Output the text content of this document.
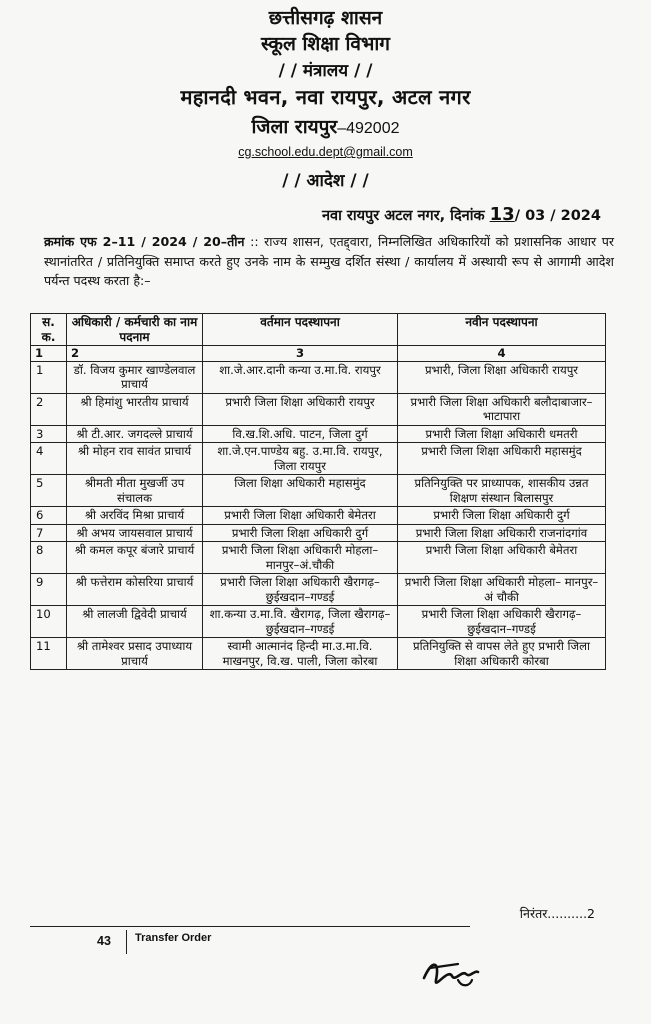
छत्तीसगढ़ शासन
स्कूल शिक्षा विभाग
/ / मंत्रालय / /
महानदी भवन, नवा रायपुर, अटल नगर
जिला रायपुर–492002
cg.school.edu.dept@gmail.com
/ / आदेश / /
नवा रायपुर अटल नगर, दिनांक 13/ 03 / 2024
क्रमांक एफ 2–11 / 2024 / 20–तीन :: राज्य शासन, एतद्द्वारा, निम्नलिखित अधिकारियों को प्रशासनिक आधार पर स्थानांतरित / प्रतिनियुक्ति समाप्त करते हुए उनके नाम के सम्मुख दर्शित संस्था / कार्यालय में अस्थायी रूप से आगामी आदेश पर्यन्त पदस्थ करता है:–
स. क.	अधिकारी / कर्मचारी का नाम पदनाम	वर्तमान पदस्थापना	नवीन पदस्थापना
1	2	3	4
1	डॉ. विजय कुमार खाण्डेलवाल प्राचार्य	शा.जे.आर.दानी कन्या उ.मा.वि. रायपुर	प्रभारी, जिला शिक्षा अधिकारी रायपुर
2	श्री हिमांशु भारतीय प्राचार्य	प्रभारी जिला शिक्षा अधिकारी रायपुर	प्रभारी जिला शिक्षा अधिकारी बलौदाबाजार–भाटापारा
3	श्री टी.आर. जगदल्ले प्राचार्य	वि.ख.शि.अधि. पाटन, जिला दुर्ग	प्रभारी जिला शिक्षा अधिकारी धमतरी
4	श्री मोहन राव सावंत प्राचार्य	शा.जे.एन.पाण्डेय बहु. उ.मा.वि. रायपुर, जिला रायपुर	प्रभारी जिला शिक्षा अधिकारी महासमुंद
5	श्रीमती मीता मुखर्जी उप संचालक	जिला शिक्षा अधिकारी महासमुंद	प्रतिनियुक्ति पर प्राध्यापक, शासकीय उन्नत शिक्षण संस्थान बिलासपुर
6	श्री अरविंद मिश्रा प्राचार्य	प्रभारी जिला शिक्षा अधिकारी बेमेतरा	प्रभारी जिला शिक्षा अधिकारी दुर्ग
7	श्री अभय जायसवाल प्राचार्य	प्रभारी जिला शिक्षा अधिकारी दुर्ग	प्रभारी जिला शिक्षा अधिकारी राजनांदगांव
8	श्री कमल कपूर बंजारे प्राचार्य	प्रभारी जिला शिक्षा अधिकारी मोहला– मानपुर–अं.चौकी	प्रभारी जिला शिक्षा अधिकारी बेमेतरा
9	श्री फत्तेराम कोसरिया प्राचार्य	प्रभारी जिला शिक्षा अधिकारी खैरागढ़– छुईखदान–गण्डई	प्रभारी जिला शिक्षा अधिकारी मोहला– मानपुर–अं चौकी
10	श्री लालजी द्विवेदी प्राचार्य	शा.कन्या उ.मा.वि. खैरागढ़, जिला खैरागढ़–छुईखदान–गण्डई	प्रभारी जिला शिक्षा अधिकारी खैरागढ़– छुईखदान–गण्डई
11	श्री तामेश्वर प्रसाद उपाध्याय प्राचार्य	स्वामी आत्मानंद हिन्दी मा.उ.मा.वि. माखनपुर, वि.ख. पाली, जिला कोरबा	प्रतिनियुक्ति से वापस लेते हुए प्रभारी जिला शिक्षा अधिकारी कोरबा
निरंतर..........2
43 Transfer Order
